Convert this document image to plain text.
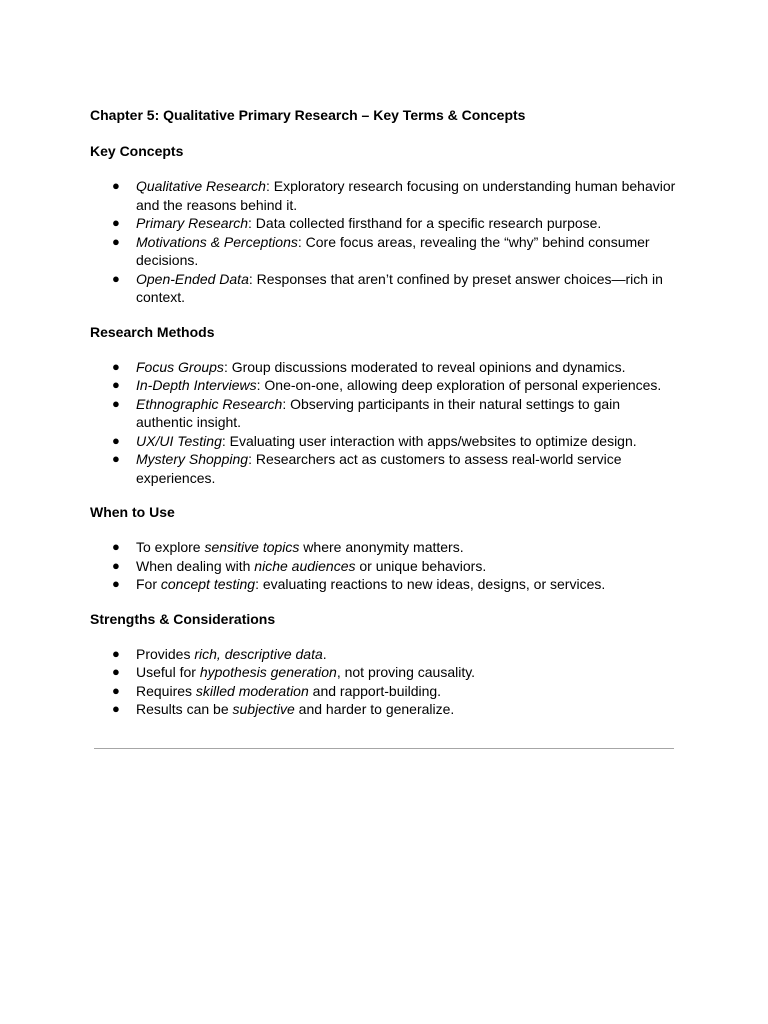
Chapter 5: Qualitative Primary Research – Key Terms & Concepts
Key Concepts
● Qualitative Research: Exploratory research focusing on understanding human behavior and the reasons behind it.
● Primary Research: Data collected firsthand for a specific research purpose.
● Motivations & Perceptions: Core focus areas, revealing the “why” behind consumer decisions.
● Open-Ended Data: Responses that aren’t confined by preset answer choices—rich in context.
Research Methods
● Focus Groups: Group discussions moderated to reveal opinions and dynamics.
● In-Depth Interviews: One-on-one, allowing deep exploration of personal experiences.
● Ethnographic Research: Observing participants in their natural settings to gain authentic insight.
● UX/UI Testing: Evaluating user interaction with apps/websites to optimize design.
● Mystery Shopping: Researchers act as customers to assess real-world service experiences.
When to Use
● To explore sensitive topics where anonymity matters.
● When dealing with niche audiences or unique behaviors.
● For concept testing: evaluating reactions to new ideas, designs, or services.
Strengths & Considerations
● Provides rich, descriptive data.
● Useful for hypothesis generation, not proving causality.
● Requires skilled moderation and rapport-building.
● Results can be subjective and harder to generalize.
